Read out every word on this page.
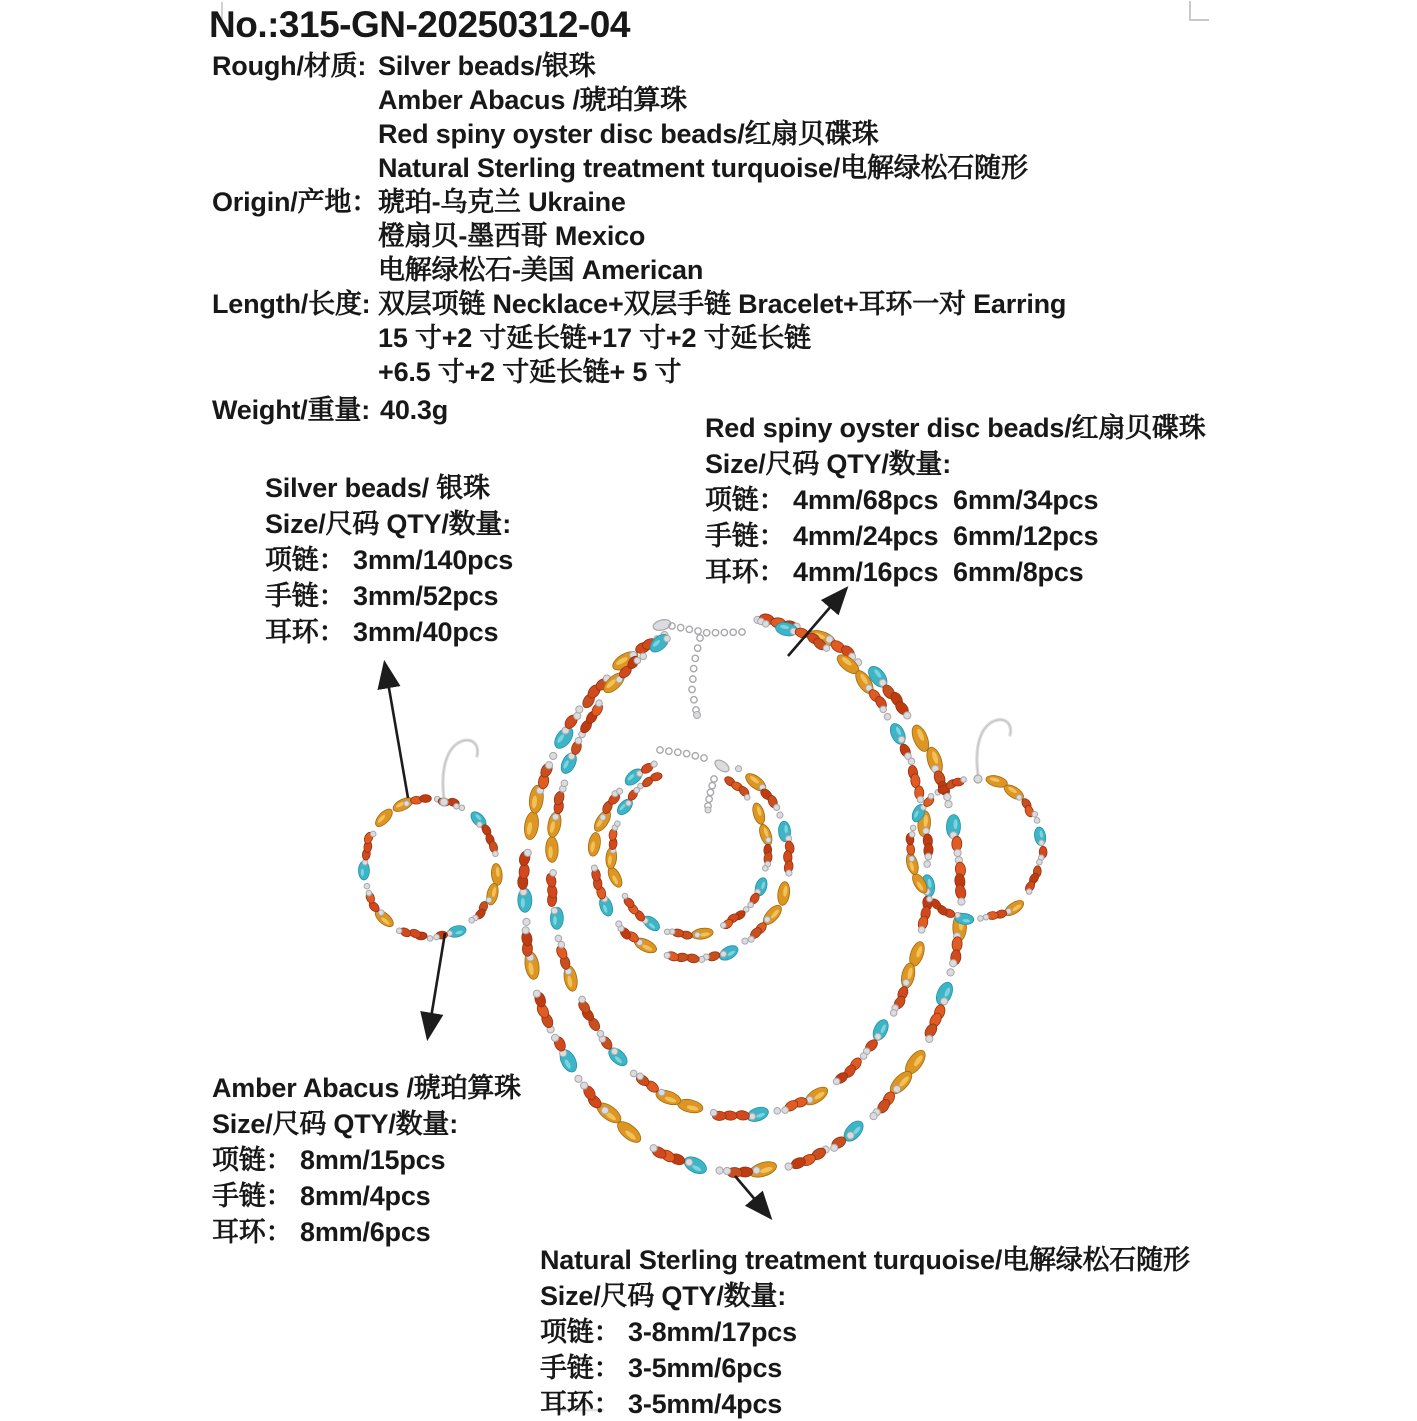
No.:315-GN-20250312-04
Rough/材质: Silver beads/银珠
Amber Abacus /琥珀算珠
Red spiny oyster disc beads/红扇贝碟珠
Natural Sterling treatment turquoise/电解绿松石随形
Origin/产地： 琥珀-乌克兰 Ukraine
橙扇贝-墨西哥 Mexico
电解绿松石-美国 American
Length/长度: 双层项链 Necklace+双层手链 Bracelet+耳环一对 Earring
15 寸+2 寸延长链+17 寸+2 寸延长链
+6.5 寸+2 寸延长链+ 5 寸
Weight/重量: 40.3g
Silver beads/ 银珠
Size/尺码 QTY/数量:
项链： 3mm/140pcs
手链： 3mm/52pcs
耳环： 3mm/40pcs
Red spiny oyster disc beads/红扇贝碟珠
Size/尺码 QTY/数量:
项链： 4mm/68pcs 6mm/34pcs
手链： 4mm/24pcs 6mm/12pcs
耳环： 4mm/16pcs 6mm/8pcs
Amber Abacus /琥珀算珠
Size/尺码 QTY/数量:
项链： 8mm/15pcs
手链： 8mm/4pcs
耳环： 8mm/6pcs
Natural Sterling treatment turquoise/电解绿松石随形
Size/尺码 QTY/数量:
项链： 3-8mm/17pcs
手链： 3-5mm/6pcs
耳环： 3-5mm/4pcs
